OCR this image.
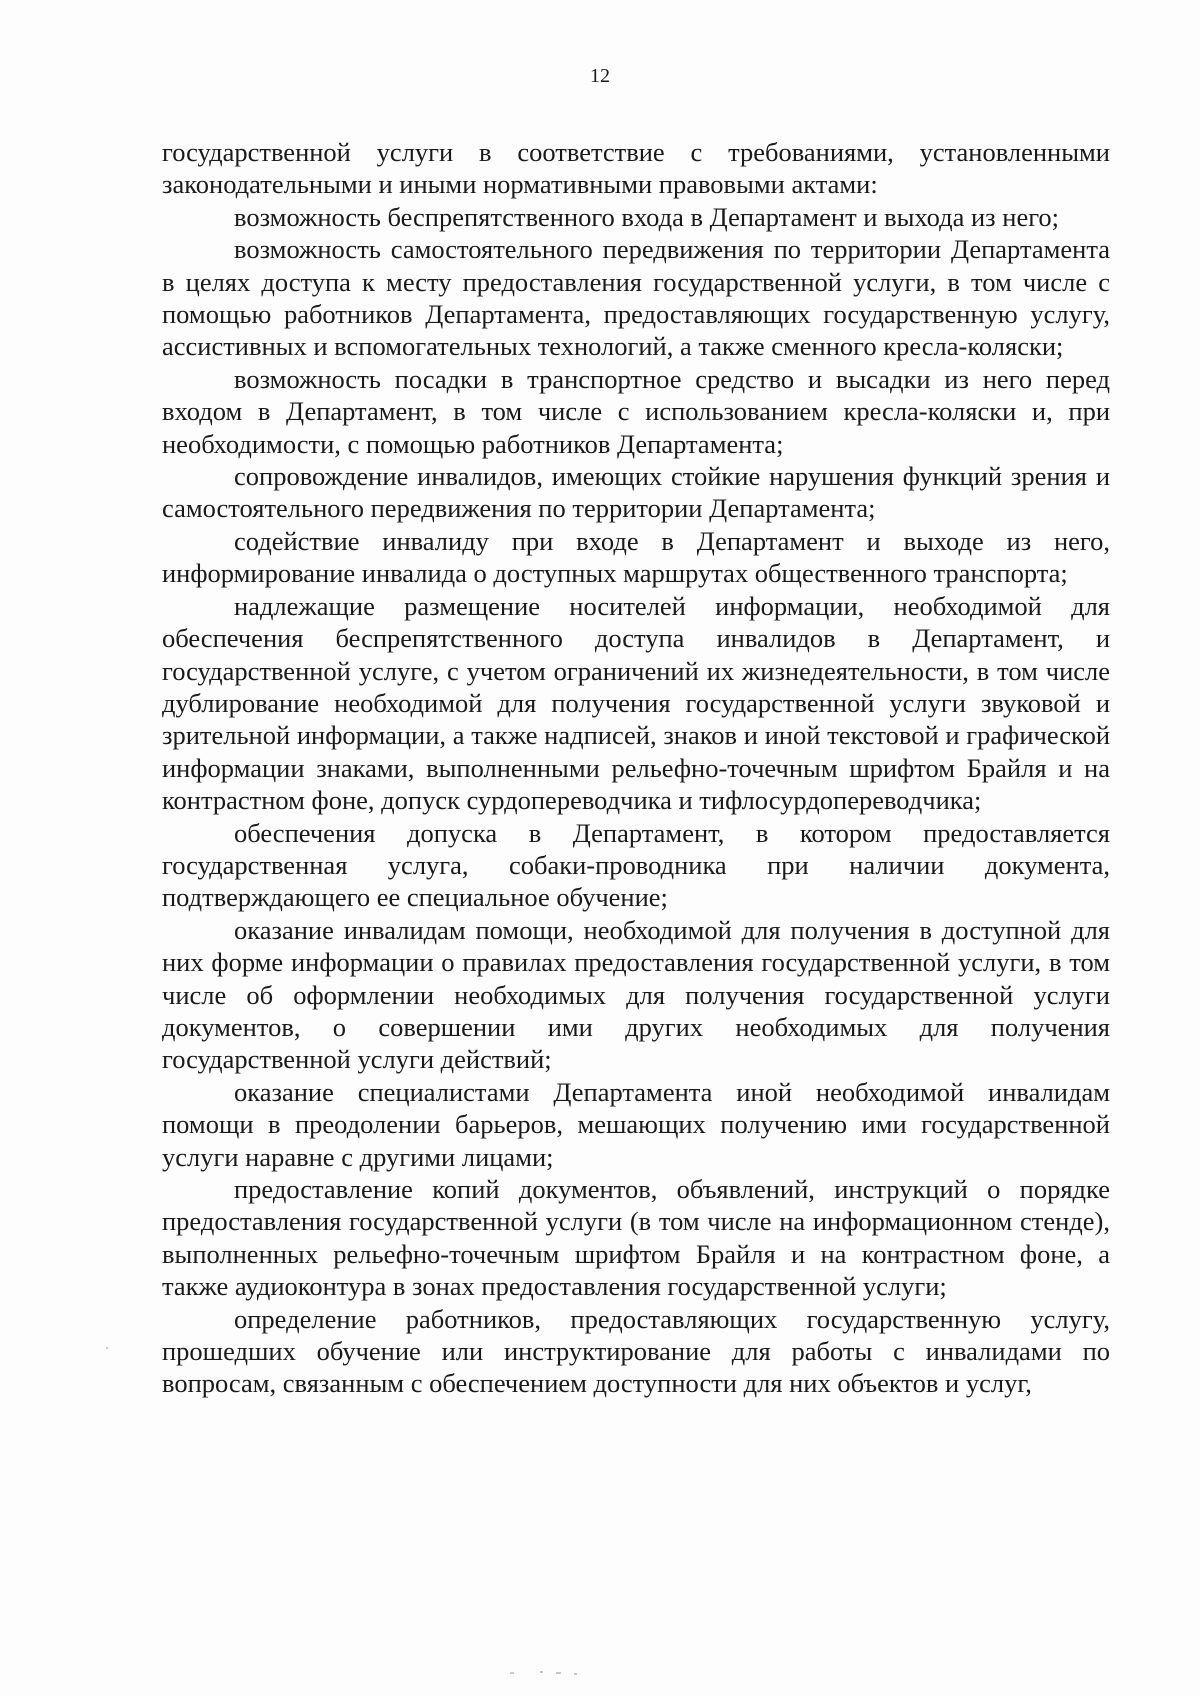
12

государственной услуги в соответствие с требованиями, установленными законодательными и иными нормативными правовыми актами:

возможность беспрепятственного входа в Департамент и выхода из него;

возможность самостоятельного передвижения по территории Департамента в целях доступа к месту предоставления государственной услуги, в том числе с помощью работников Департамента, предоставляющих государственную услугу, ассистивных и вспомогательных технологий, а также сменного кресла-коляски;

возможность посадки в транспортное средство и высадки из него перед входом в Департамент, в том числе с использованием кресла-коляски и, при необходимости, с помощью работников Департамента;

сопровождение инвалидов, имеющих стойкие нарушения функций зрения и самостоятельного передвижения по территории Департамента;

содействие инвалиду при входе в Департамент и выходе из него, информирование инвалида о доступных маршрутах общественного транспорта;

надлежащие размещение носителей информации, необходимой для обеспечения беспрепятственного доступа инвалидов в Департамент, и государственной услуге, с учетом ограничений их жизнедеятельности, в том числе дублирование необходимой для получения государственной услуги звуковой и зрительной информации, а также надписей, знаков и иной текстовой и графической информации знаками, выполненными рельефно-точечным шрифтом Брайля и на контрастном фоне, допуск сурдопереводчика и тифлосурдопереводчика;

обеспечения допуска в Департамент, в котором предоставляется государственная услуга, собаки-проводника при наличии документа, подтверждающего ее специальное обучение;

оказание инвалидам помощи, необходимой для получения в доступной для них форме информации о правилах предоставления государственной услуги, в том числе об оформлении необходимых для получения государственной услуги документов, о совершении ими других необходимых для получения государственной услуги действий;

оказание специалистами Департамента иной необходимой инвалидам помощи в преодолении барьеров, мешающих получению ими государственной услуги наравне с другими лицами;

предоставление копий документов, объявлений, инструкций о порядке предоставления государственной услуги (в том числе на информационном стенде), выполненных рельефно-точечным шрифтом Брайля и на контрастном фоне, а также аудиоконтура в зонах предоставления государственной услуги;

определение работников, предоставляющих государственную услугу, прошедших обучение или инструктирование для работы с инвалидами по вопросам, связанным с обеспечением доступности для них объектов и услуг,
